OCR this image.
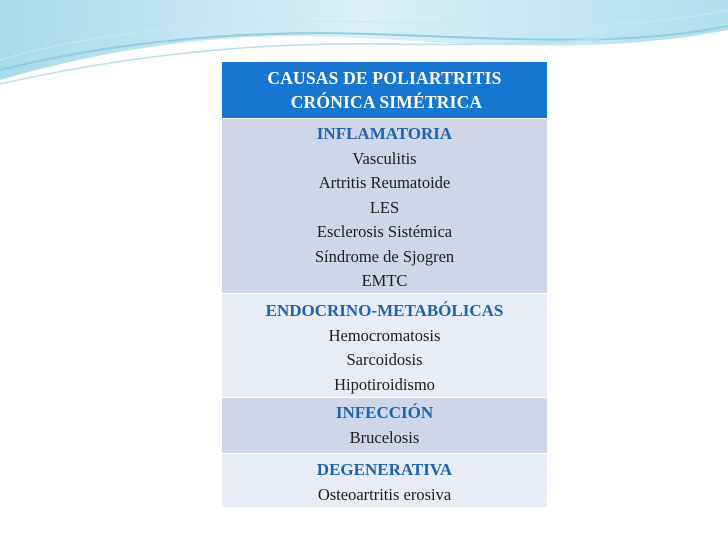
CAUSAS DE POLIARTRITIS
CRÓNICA SIMÉTRICA
INFLAMATORIA
Vasculitis
Artritis Reumatoide
LES
Esclerosis Sistémica
Síndrome de Sjogren
EMTC
ENDOCRINO-METABÓLICAS
Hemocromatosis
Sarcoidosis
Hipotiroidismo
INFECCIÓN
Brucelosis
DEGENERATIVA
Osteoartritis erosiva
